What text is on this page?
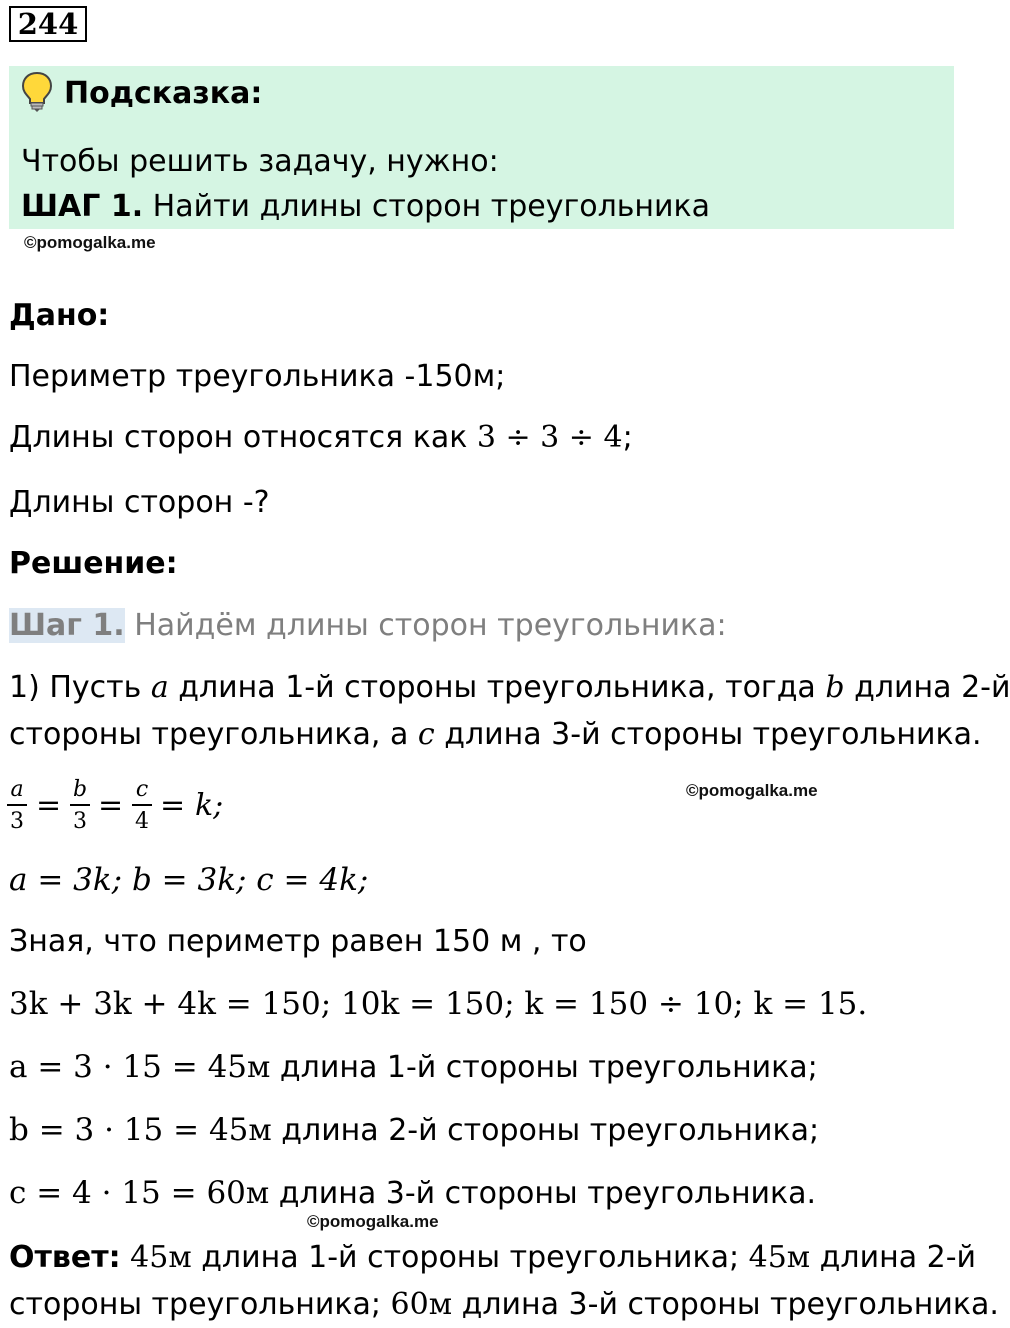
244
Подсказка:
Чтобы решить задачу, нужно:
ШАГ 1. Найти длины сторон треугольника
©pomogalka.me
Дано:
Периметр треугольника -150м;
Длины сторон относятся как 3 ÷ 3 ÷ 4;
Длины сторон -?
Решение:
Шаг 1. Найдём длины сторон треугольника:
1) Пусть a длина 1-й стороны треугольника, тогда b длина 2-й
стороны треугольника, а c длина 3-й стороны треугольника.
a
3 = b
3 = c
4 = k;	©pomogalka.me
a = 3k; b = 3k; c = 4k;
Зная, что периметр равен 150 м , то
3k + 3k + 4k = 150; 10k = 150; k = 150 ÷ 10; k = 15.
a = 3 · 15 = 45м длина 1-й стороны треугольника;
b = 3 · 15 = 45м длина 2-й стороны треугольника;
c = 4 · 15 = 60м длина 3-й стороны треугольника.
©pomogalka.me
Ответ: 45м длина 1-й стороны треугольника; 45м длина 2-й
стороны треугольника; 60м длина 3-й стороны треугольника.
